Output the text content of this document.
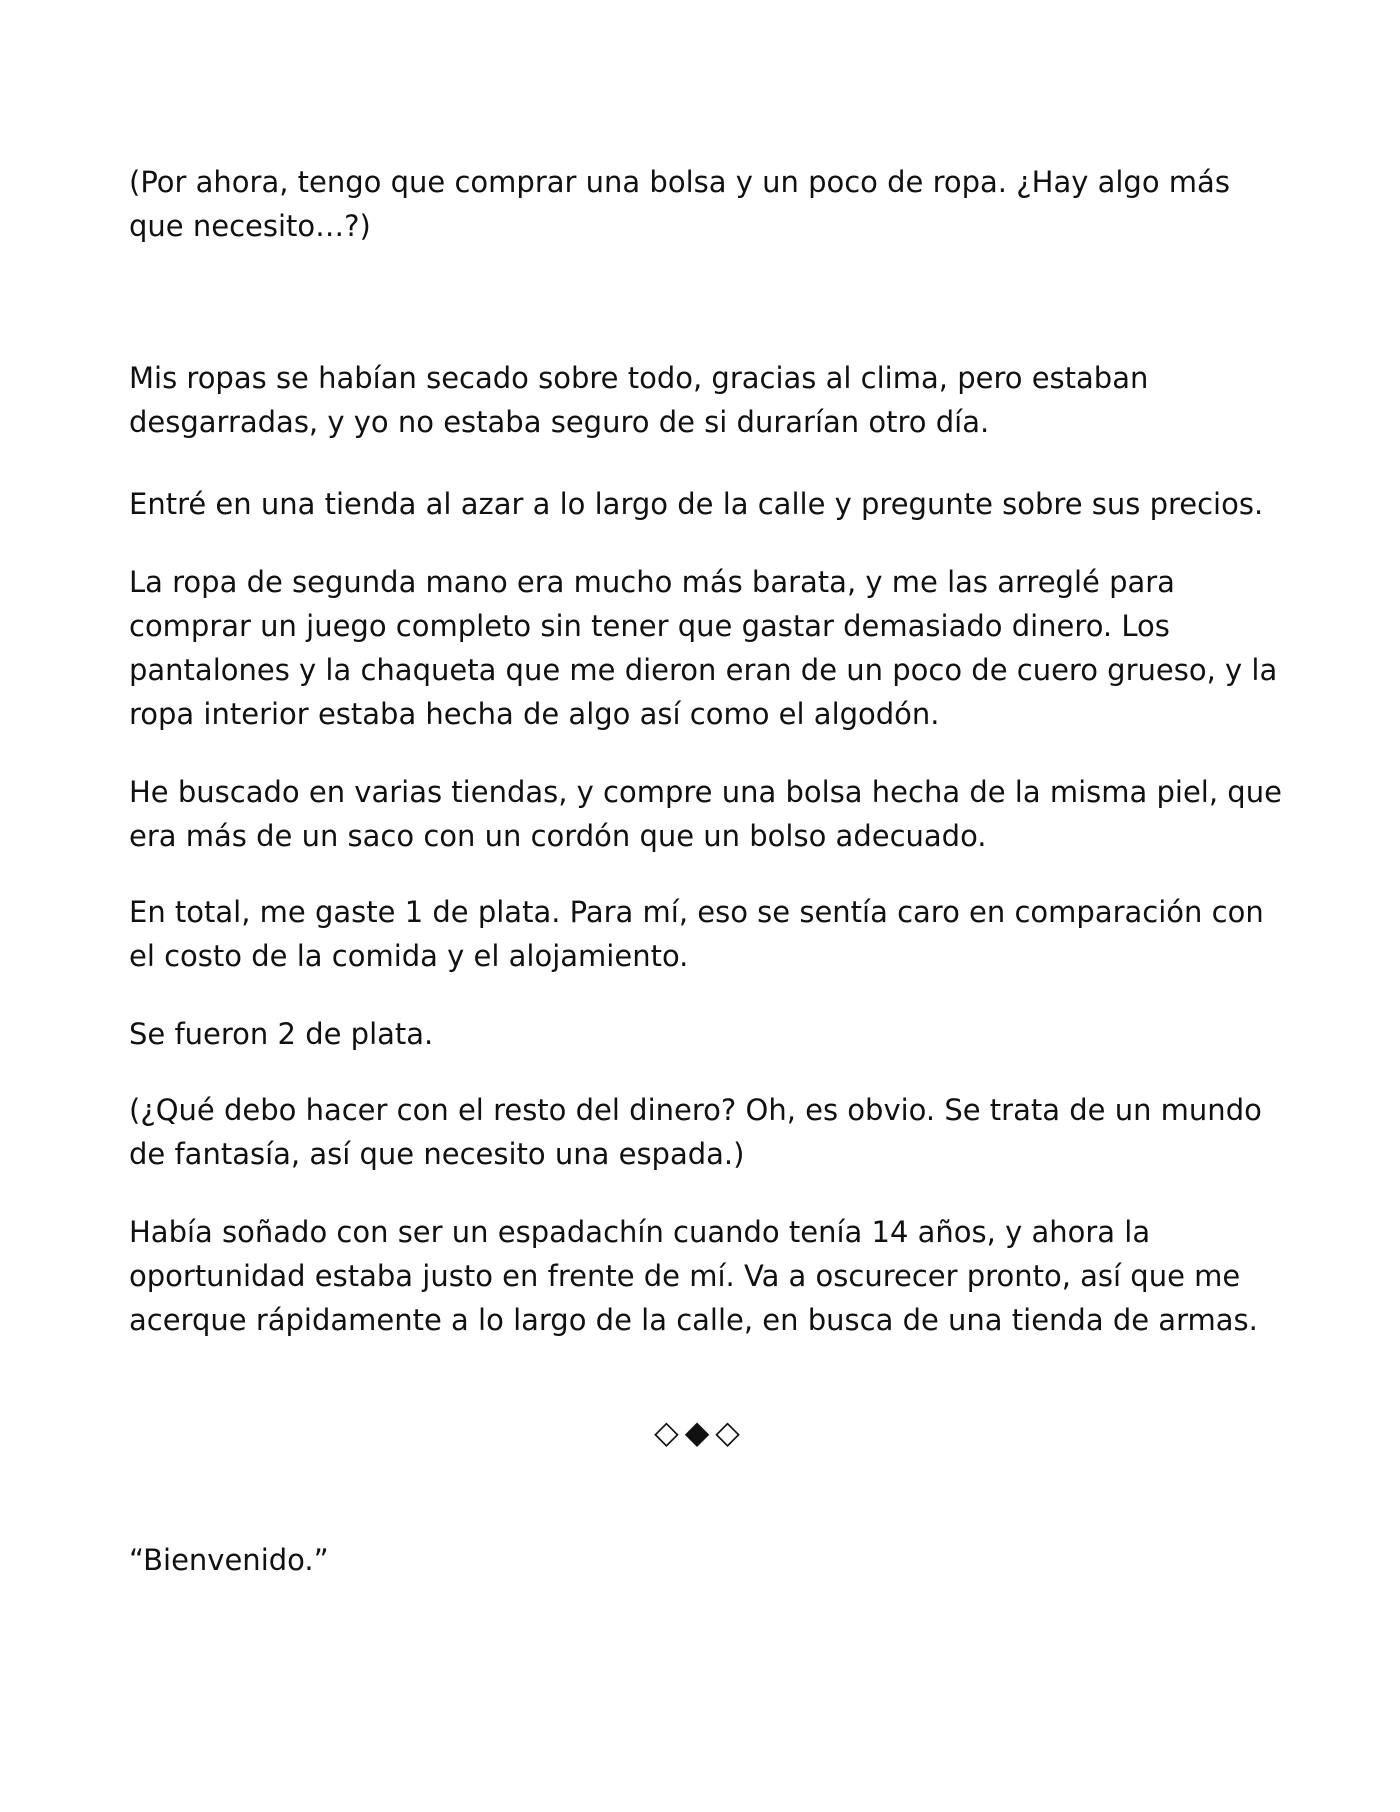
(Por ahora, tengo que comprar una bolsa y un poco de ropa. ¿Hay algo más que necesito…?)

Mis ropas se habían secado sobre todo, gracias al clima, pero estaban desgarradas, y yo no estaba seguro de si durarían otro día.

Entré en una tienda al azar a lo largo de la calle y pregunte sobre sus precios.

La ropa de segunda mano era mucho más barata, y me las arreglé para comprar un juego completo sin tener que gastar demasiado dinero. Los pantalones y la chaqueta que me dieron eran de un poco de cuero grueso, y la ropa interior estaba hecha de algo así como el algodón.

He buscado en varias tiendas, y compre una bolsa hecha de la misma piel, que era más de un saco con un cordón que un bolso adecuado.

En total, me gaste 1 de plata. Para mí, eso se sentía caro en comparación con el costo de la comida y el alojamiento.

Se fueron 2 de plata.

(¿Qué debo hacer con el resto del dinero? Oh, es obvio. Se trata de un mundo de fantasía, así que necesito una espada.)

Había soñado con ser un espadachín cuando tenía 14 años, y ahora la oportunidad estaba justo en frente de mí. Va a oscurecer pronto, así que me acerque rápidamente a lo largo de la calle, en busca de una tienda de armas.

◇◆◇

“Bienvenido.”
